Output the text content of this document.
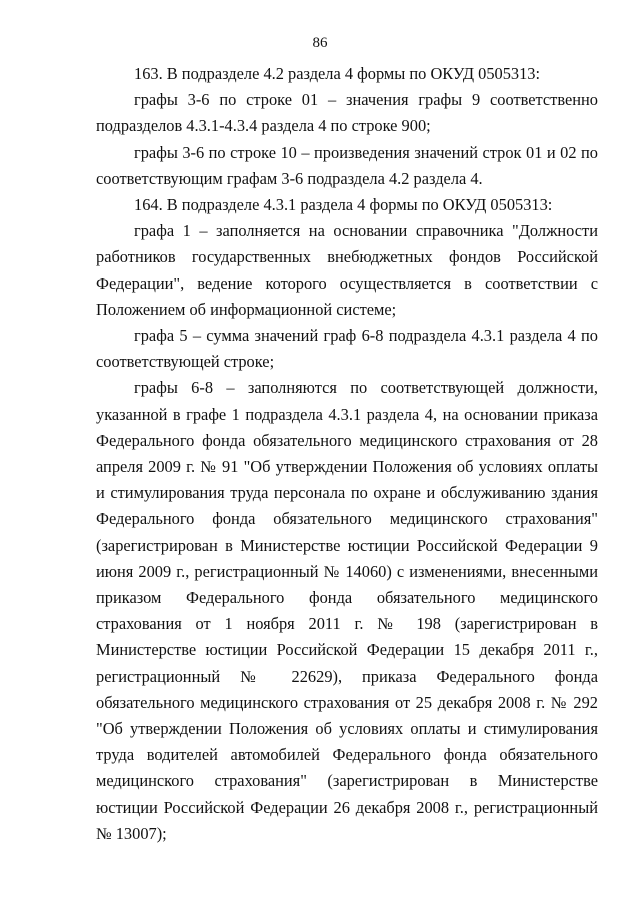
86

163. В подразделе 4.2 раздела 4 формы по ОКУД 0505313:

графы 3-6 по строке 01 – значения графы 9 соответственно подразделов 4.3.1-4.3.4 раздела 4 по строке 900;

графы 3-6 по строке 10 – произведения значений строк 01 и 02 по соответствующим графам 3-6 подраздела 4.2 раздела 4.

164. В подразделе 4.3.1 раздела 4 формы по ОКУД 0505313:

графа 1 – заполняется на основании справочника "Должности работников государственных внебюджетных фондов Российской Федерации", ведение которого осуществляется в соответствии с Положением об информационной системе;

графа 5 – сумма значений граф 6-8 подраздела 4.3.1 раздела 4 по соответствующей строке;

графы 6-8 – заполняются по соответствующей должности, указанной в графе 1 подраздела 4.3.1 раздела 4, на основании приказа Федерального фонда обязательного медицинского страхования от 28 апреля 2009 г. № 91 "Об утверждении Положения об условиях оплаты и стимулирования труда персонала по охране и обслуживанию здания Федерального фонда обязательного медицинского страхования" (зарегистрирован в Министерстве юстиции Российской Федерации 9 июня 2009 г., регистрационный № 14060) с изменениями, внесенными приказом Федерального фонда обязательного медицинского страхования от 1 ноября 2011 г. № 198 (зарегистрирован в Министерстве юстиции Российской Федерации 15 декабря 2011 г., регистрационный № 22629), приказа Федерального фонда обязательного медицинского страхования от 25 декабря 2008 г. № 292 "Об утверждении Положения об условиях оплаты и стимулирования труда водителей автомобилей Федерального фонда обязательного медицинского страхования" (зарегистрирован в Министерстве юстиции Российской Федерации 26 декабря 2008 г., регистрационный № 13007);
